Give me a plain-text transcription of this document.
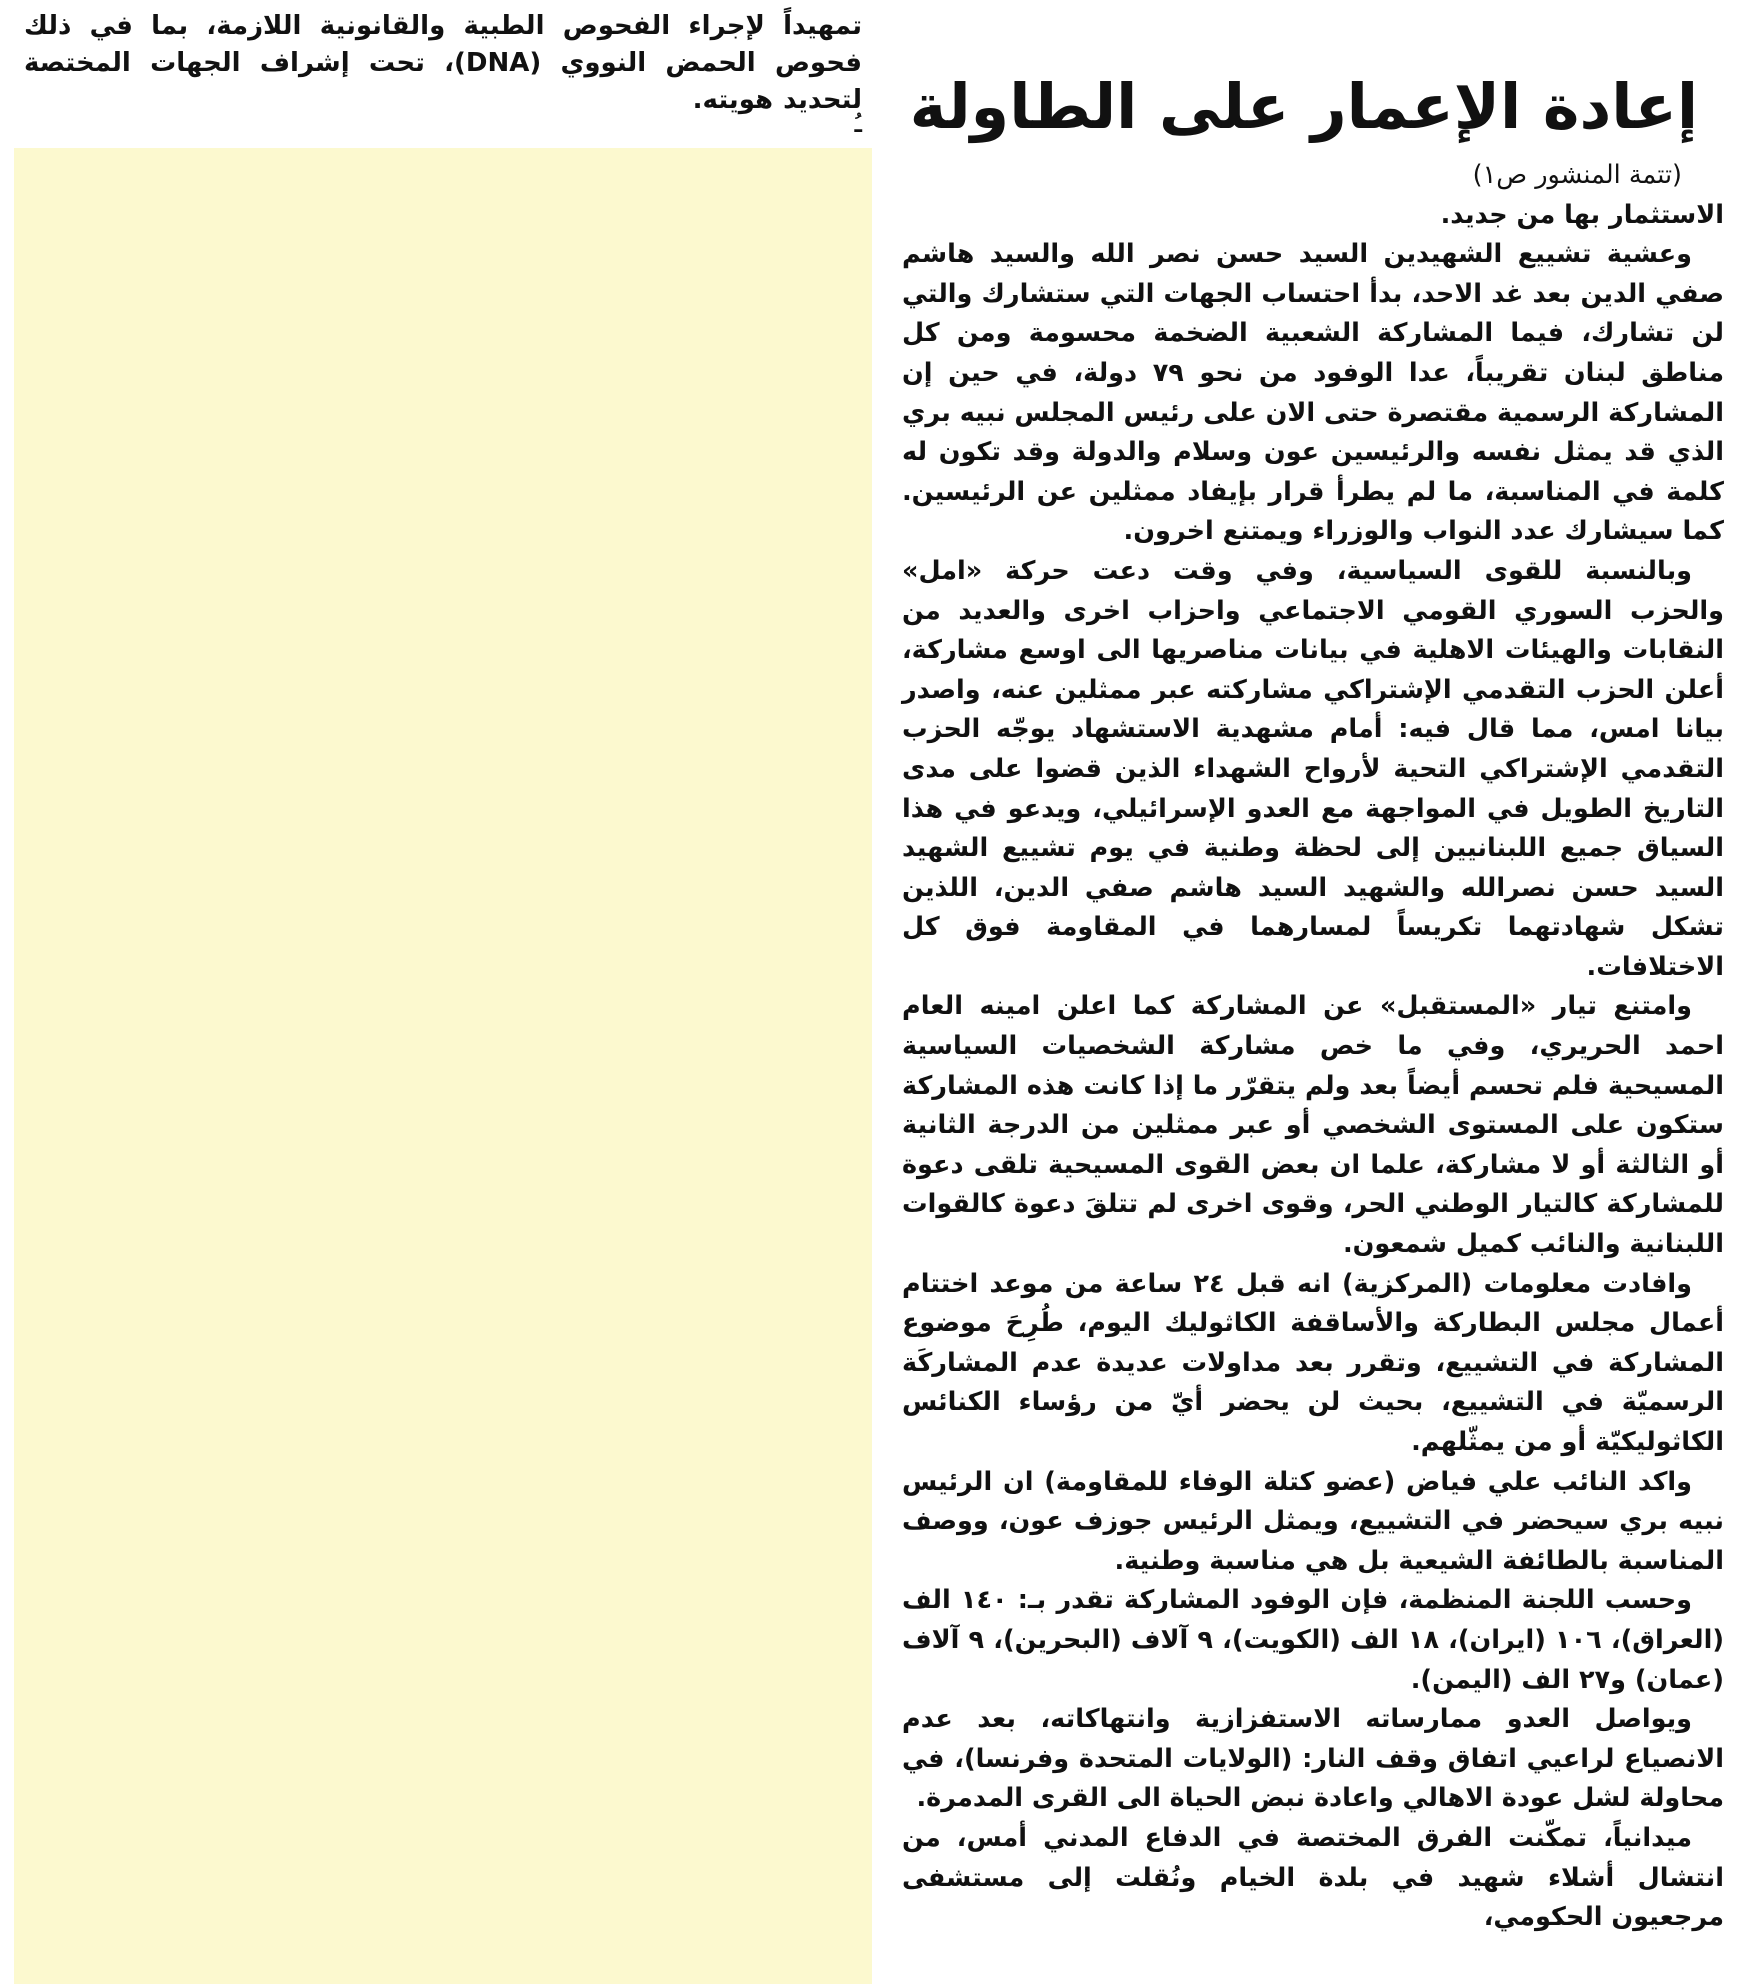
تمهيداً لإجراء الفحوص الطبية والقانونية اللازمة، بما في ذلك فحوص الحمض النووي (DNA)، تحت إشراف الجهات المختصة لتحديد هويته.
ـُ إعادة الإعمار على الطاولة

(تتمة المنشور ص١)

الاستثمار بها من جديد.

وعشية تشييع الشهيدين السيد حسن نصر الله والسيد هاشم صفي الدين بعد غد الاحد، بدأ احتساب الجهات التي ستشارك والتي لن تشارك، فيما المشاركة الشعبية الضخمة محسومة ومن كل مناطق لبنان تقريباً، عدا الوفود من نحو ٧٩ دولة، في حين إن المشاركة الرسمية مقتصرة حتى الان على رئيس المجلس نبيه بري الذي قد يمثل نفسه والرئيسين عون وسلام والدولة وقد تكون له كلمة في المناسبة، ما لم يطرأ قرار بإيفاد ممثلين عن الرئيسين. كما سيشارك عدد النواب والوزراء ويمتنع اخرون.

وبالنسبة للقوى السياسية، وفي وقت دعت حركة «امل» والحزب السوري القومي الاجتماعي واحزاب اخرى والعديد من النقابات والهيئات الاهلية في بيانات مناصريها الى اوسع مشاركة، أعلن الحزب التقدمي الإشتراكي مشاركته عبر ممثلين عنه، واصدر بيانا امس، مما قال فيه: أمام مشهدية الاستشهاد يوجّه الحزب التقدمي الإشتراكي التحية لأرواح الشهداء الذين قضوا على مدى التاريخ الطويل في المواجهة مع العدو الإسرائيلي، ويدعو في هذا السياق جميع اللبنانيين إلى لحظة وطنية في يوم تشييع الشهيد السيد حسن نصرالله والشهيد السيد هاشم صفي الدين، اللذين تشكل شهادتهما تكريساً لمسارهما في المقاومة فوق كل الاختلافات.

وامتنع تيار «المستقبل» عن المشاركة كما اعلن امينه العام احمد الحريري، وفي ما خص مشاركة الشخصيات السياسية المسيحية فلم تحسم أيضاً بعد ولم يتقرّر ما إذا كانت هذه المشاركة ستكون على المستوى الشخصي أو عبر ممثلين من الدرجة الثانية أو الثالثة أو لا مشاركة، علما ان بعض القوى المسيحية تلقى دعوة للمشاركة كالتيار الوطني الحر، وقوى اخرى لم تتلقَ دعوة كالقوات اللبنانية والنائب كميل شمعون.

وافادت معلومات (المركزية) انه قبل ٢٤ ساعة من موعد اختتام أعمال مجلس البطاركة والأساقفة الكاثوليك اليوم، طُرِحَ موضوع المشاركة في التشييع، وتقرر بعد مداولات عديدة عدم المشاركَة الرسميّة في التشييع، بحيث لن يحضر أيّ من رؤساء الكنائس الكاثوليكيّة أو من يمثّلهم.

واكد النائب علي فياض (عضو كتلة الوفاء للمقاومة) ان الرئيس نبيه بري سيحضر في التشييع، ويمثل الرئيس جوزف عون، ووصف المناسبة بالطائفة الشيعية بل هي مناسبة وطنية.

وحسب اللجنة المنظمة، فإن الوفود المشاركة تقدر بـ: ١٤٠ الف (العراق)، ١٠٦ (ايران)، ١٨ الف (الكويت)، ٩ آلاف (البحرين)، ٩ آلاف (عمان) و٢٧ الف (اليمن).

ويواصل العدو ممارساته الاستفزازية وانتهاكاته، بعد عدم الانصياع لراعيي اتفاق وقف النار: (الولايات المتحدة وفرنسا)، في محاولة لشل عودة الاهالي واعادة نبض الحياة الى القرى المدمرة.

ميدانياً، تمكّنت الفرق المختصة في الدفاع المدني أمس، من انتشال أشلاء شهيد في بلدة الخيام ونُقلت إلى مستشفى مرجعيون الحكومي،
